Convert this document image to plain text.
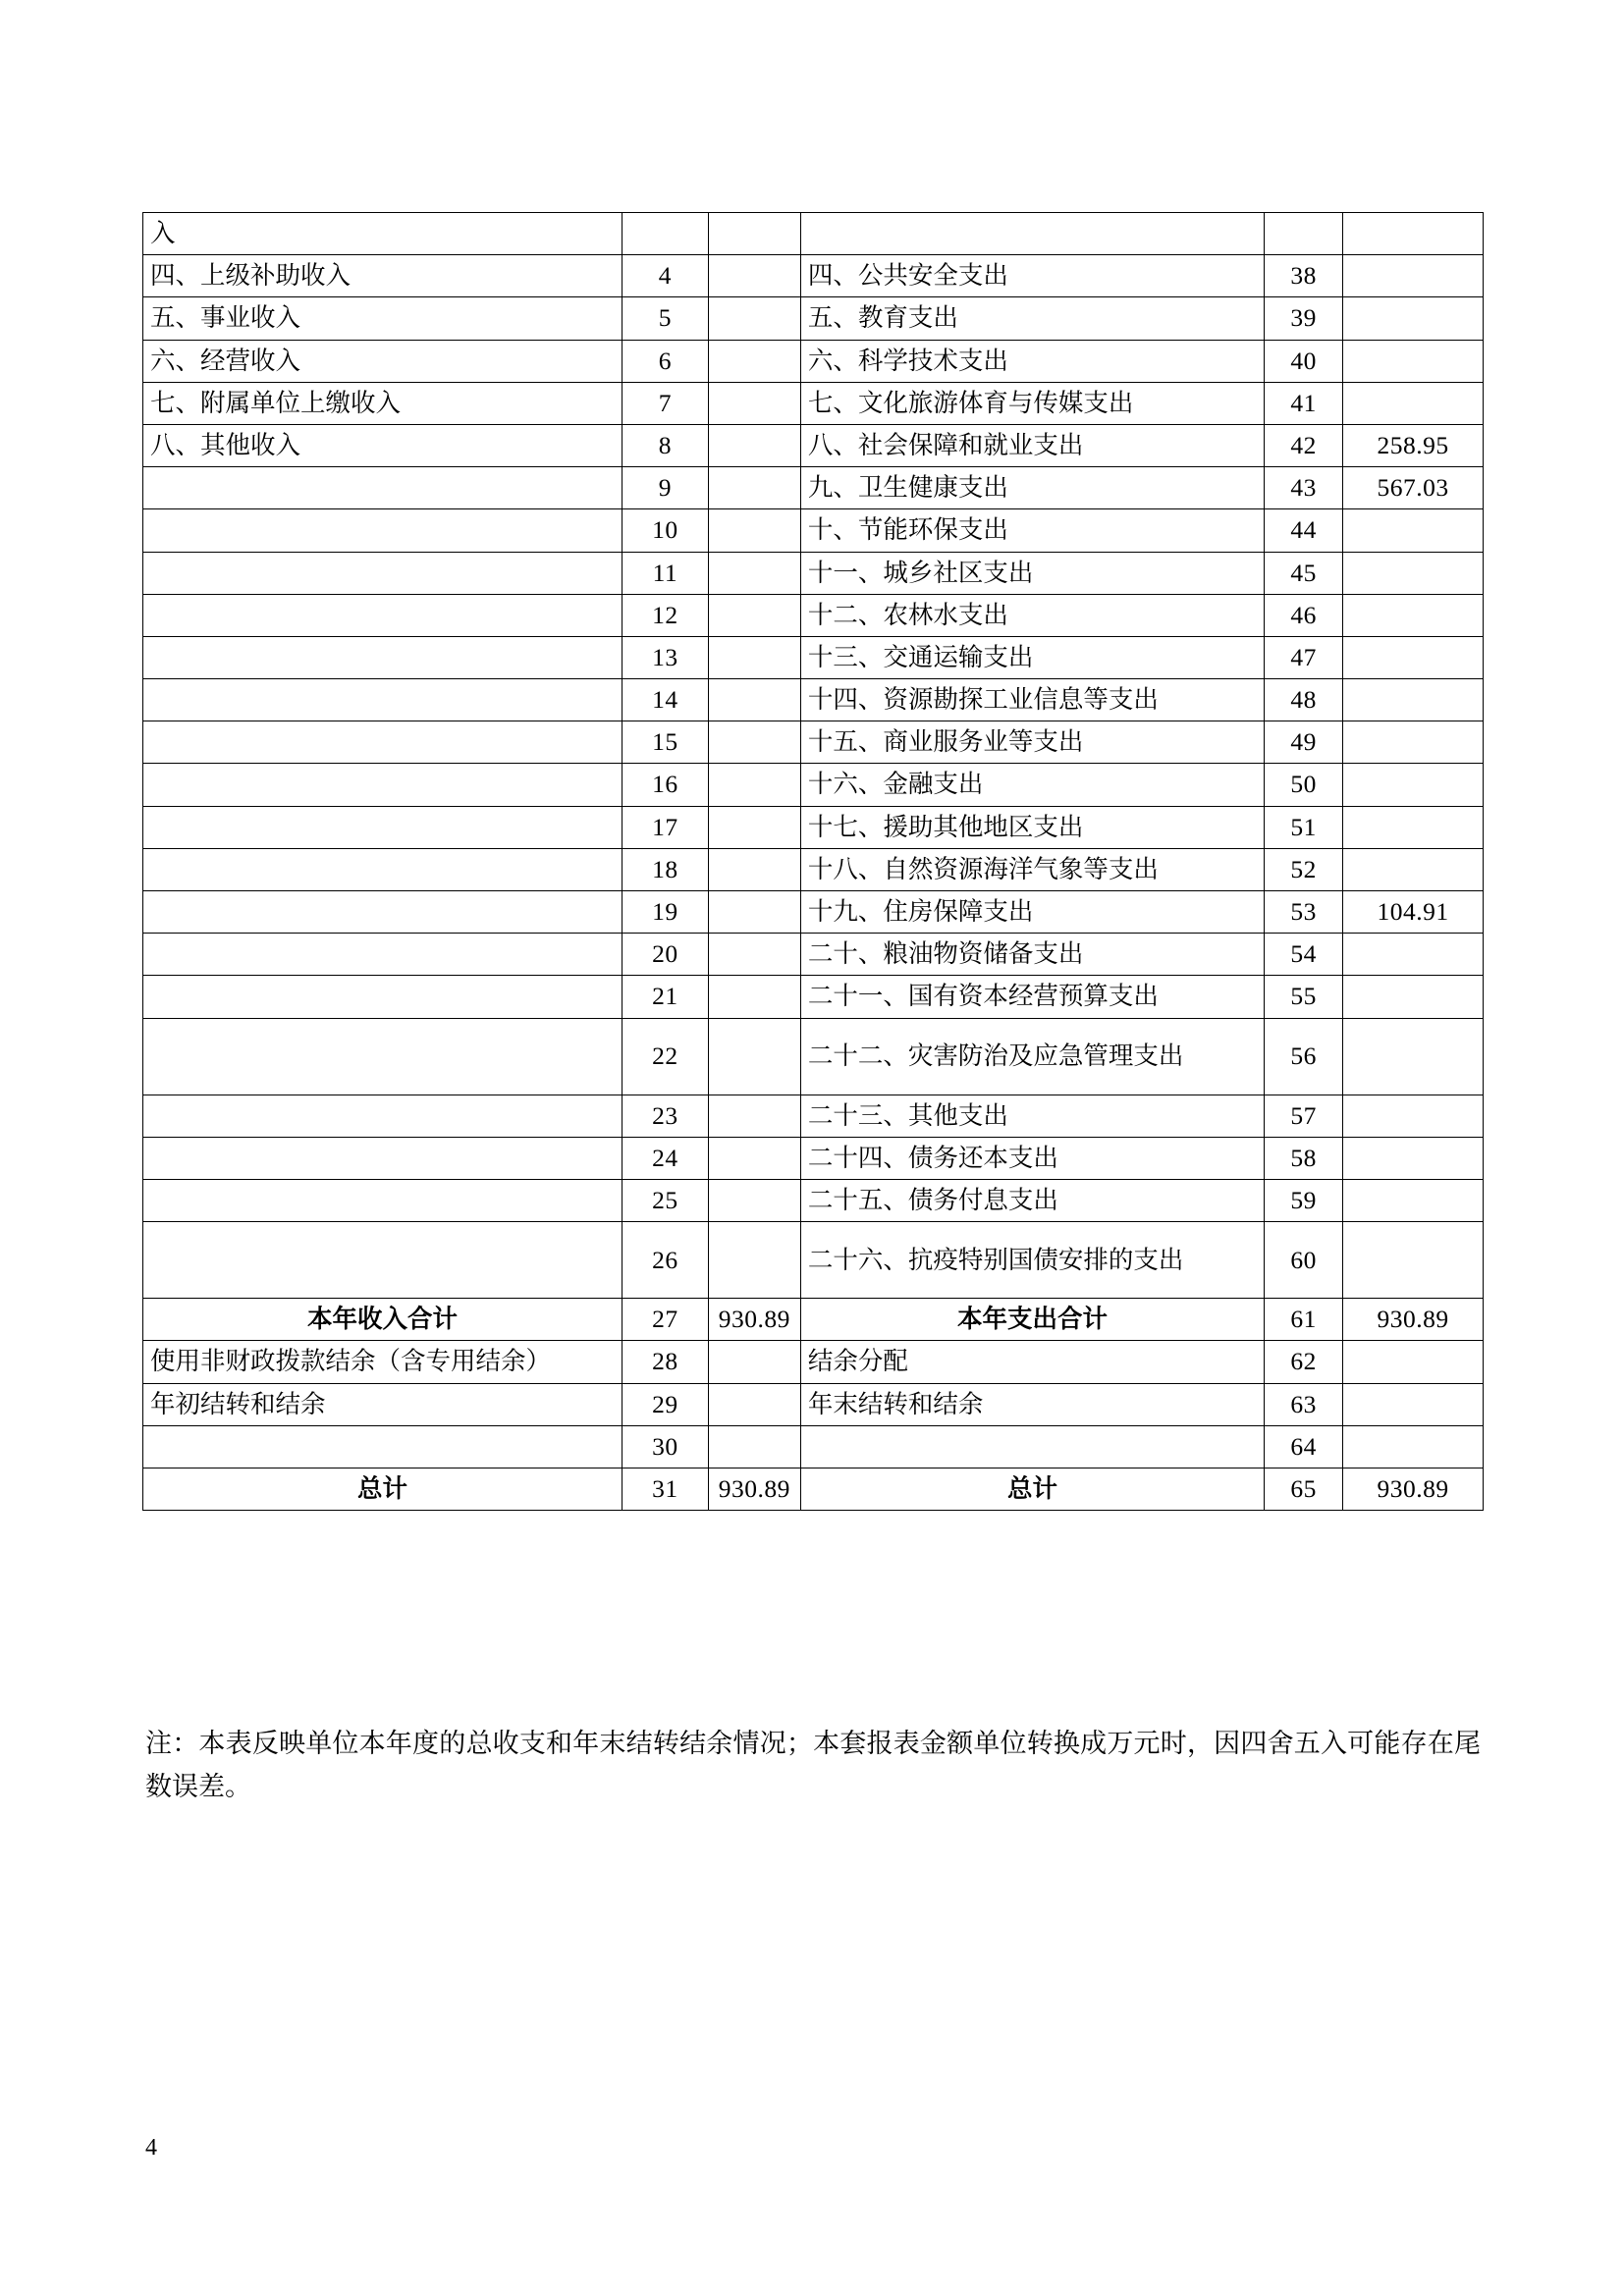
入					
四、上级补助收入	4		四、公共安全支出	38	
五、事业收入	5		五、教育支出	39	
六、经营收入	6		六、科学技术支出	40	
七、附属单位上缴收入	7		七、文化旅游体育与传媒支出	41	
八、其他收入	8		八、社会保障和就业支出	42	258.95
	9		九、卫生健康支出	43	567.03
	10		十、节能环保支出	44	
	11		十一、城乡社区支出	45	
	12		十二、农林水支出	46	
	13		十三、交通运输支出	47	
	14		十四、资源勘探工业信息等支出	48	
	15		十五、商业服务业等支出	49	
	16		十六、金融支出	50	
	17		十七、援助其他地区支出	51	
	18		十八、自然资源海洋气象等支出	52	
	19		十九、住房保障支出	53	104.91
	20		二十、粮油物资储备支出	54	
	21		二十一、国有资本经营预算支出	55	
	22		二十二、灾害防治及应急管理支出	56	
	23		二十三、其他支出	57	
	24		二十四、债务还本支出	58	
	25		二十五、债务付息支出	59	
	26		二十六、抗疫特别国债安排的支出	60	
本年收入合计	27	930.89	本年支出合计	61	930.89
使用非财政拨款结余（含专用结余）	28		结余分配	62	
年初结转和结余	29		年末结转和结余	63	
	30			64	
总计	31	930.89	总计	65	930.89
注：本表反映单位本年度的总收支和年末结转结余情况；本套报表金额单位转换成万元时，因四舍五入可能存在尾数误差。
4
